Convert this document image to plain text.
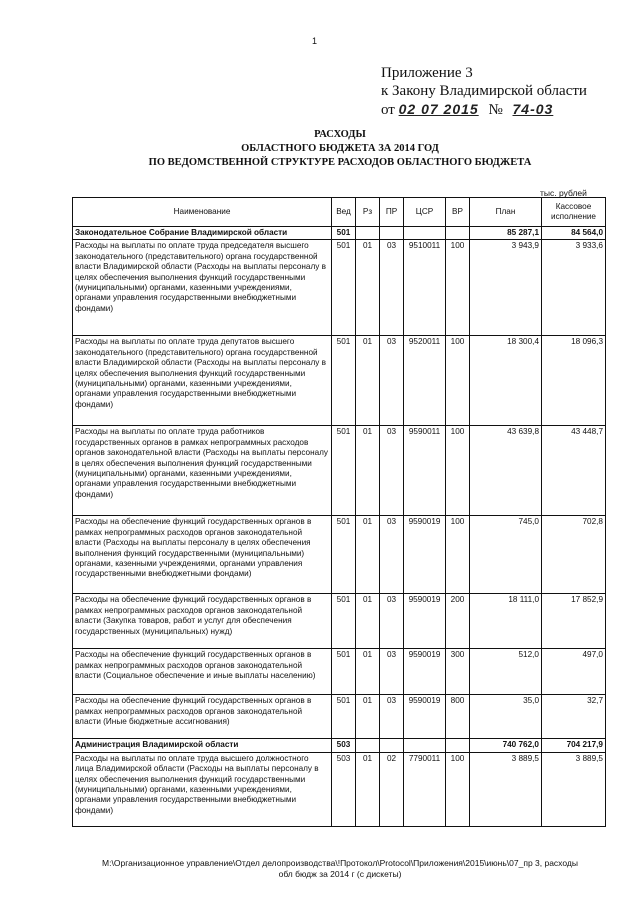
1
Приложение 3
к Закону Владимирской области
от 02 07 2015 № 74-03
РАСХОДЫ
ОБЛАСТНОГО БЮДЖЕТА ЗА 2014 ГОД
ПО ВЕДОМСТВЕННОЙ СТРУКТУРЕ РАСХОДОВ ОБЛАСТНОГО БЮДЖЕТА
тыс. рублей
Наименование	Вед	Рз	ПР	ЦСР	ВР	План	Кассовое исполнение
Законодательное Собрание Владимирской области	501					85 287,1	84 564,0
Расходы на выплаты по оплате труда председателя высшего законодательного (представительного) органа государственной власти Владимирской области (Расходы на выплаты персоналу в целях обеспечения выполнения функций государственными (муниципальными) органами, казенными учреждениями, органами управления государственными внебюджетными фондами)	501	01	03	9510011	100	3 943,9	3 933,6
Расходы на выплаты по оплате труда депутатов высшего законодательного (представительного) органа государственной власти Владимирской области (Расходы на выплаты персоналу в целях обеспечения выполнения функций государственными (муниципальными) органами, казенными учреждениями, органами управления государственными внебюджетными фондами)	501	01	03	9520011	100	18 300,4	18 096,3
Расходы на выплаты по оплате труда работников государственных органов в рамках непрограммных расходов органов законодательной власти (Расходы на выплаты персоналу в целях обеспечения выполнения функций государственными (муниципальными) органами, казенными учреждениями, органами управления государственными внебюджетными фондами)	501	01	03	9590011	100	43 639,8	43 448,7
Расходы на обеспечение функций государственных органов в рамках непрограммных расходов органов законодательной власти (Расходы на выплаты персоналу в целях обеспечения выполнения функций государственными (муниципальными) органами, казенными учреждениями, органами управления государственными внебюджетными фондами)	501	01	03	9590019	100	745,0	702,8
Расходы на обеспечение функций государственных органов в рамках непрограммных расходов органов законодательной власти (Закупка товаров, работ и услуг для обеспечения государственных (муниципальных) нужд)	501	01	03	9590019	200	18 111,0	17 852,9
Расходы на обеспечение функций государственных органов в рамках непрограммных расходов органов законодательной власти (Социальное обеспечение и иные выплаты населению)	501	01	03	9590019	300	512,0	497,0
Расходы на обеспечение функций государственных органов в рамках непрограммных расходов органов законодательной власти (Иные бюджетные ассигнования)	501	01	03	9590019	800	35,0	32,7
Администрация Владимирской области	503					740 762,0	704 217,9
Расходы на выплаты по оплате труда высшего должностного лица Владимирской области (Расходы на выплаты персоналу в целях обеспечения выполнения функций государственными (муниципальными) органами, казенными учреждениями, органами управления государственными внебюджетными фондами)	503	01	02	7790011	100	3 889,5	3 889,5
M:\Организационное управление\Отдел делопроизводства\!Протокол\Protocol\Приложения\2015\июнь\07_пр 3, расходы
обл бюдж за 2014 г (с дискеты)
